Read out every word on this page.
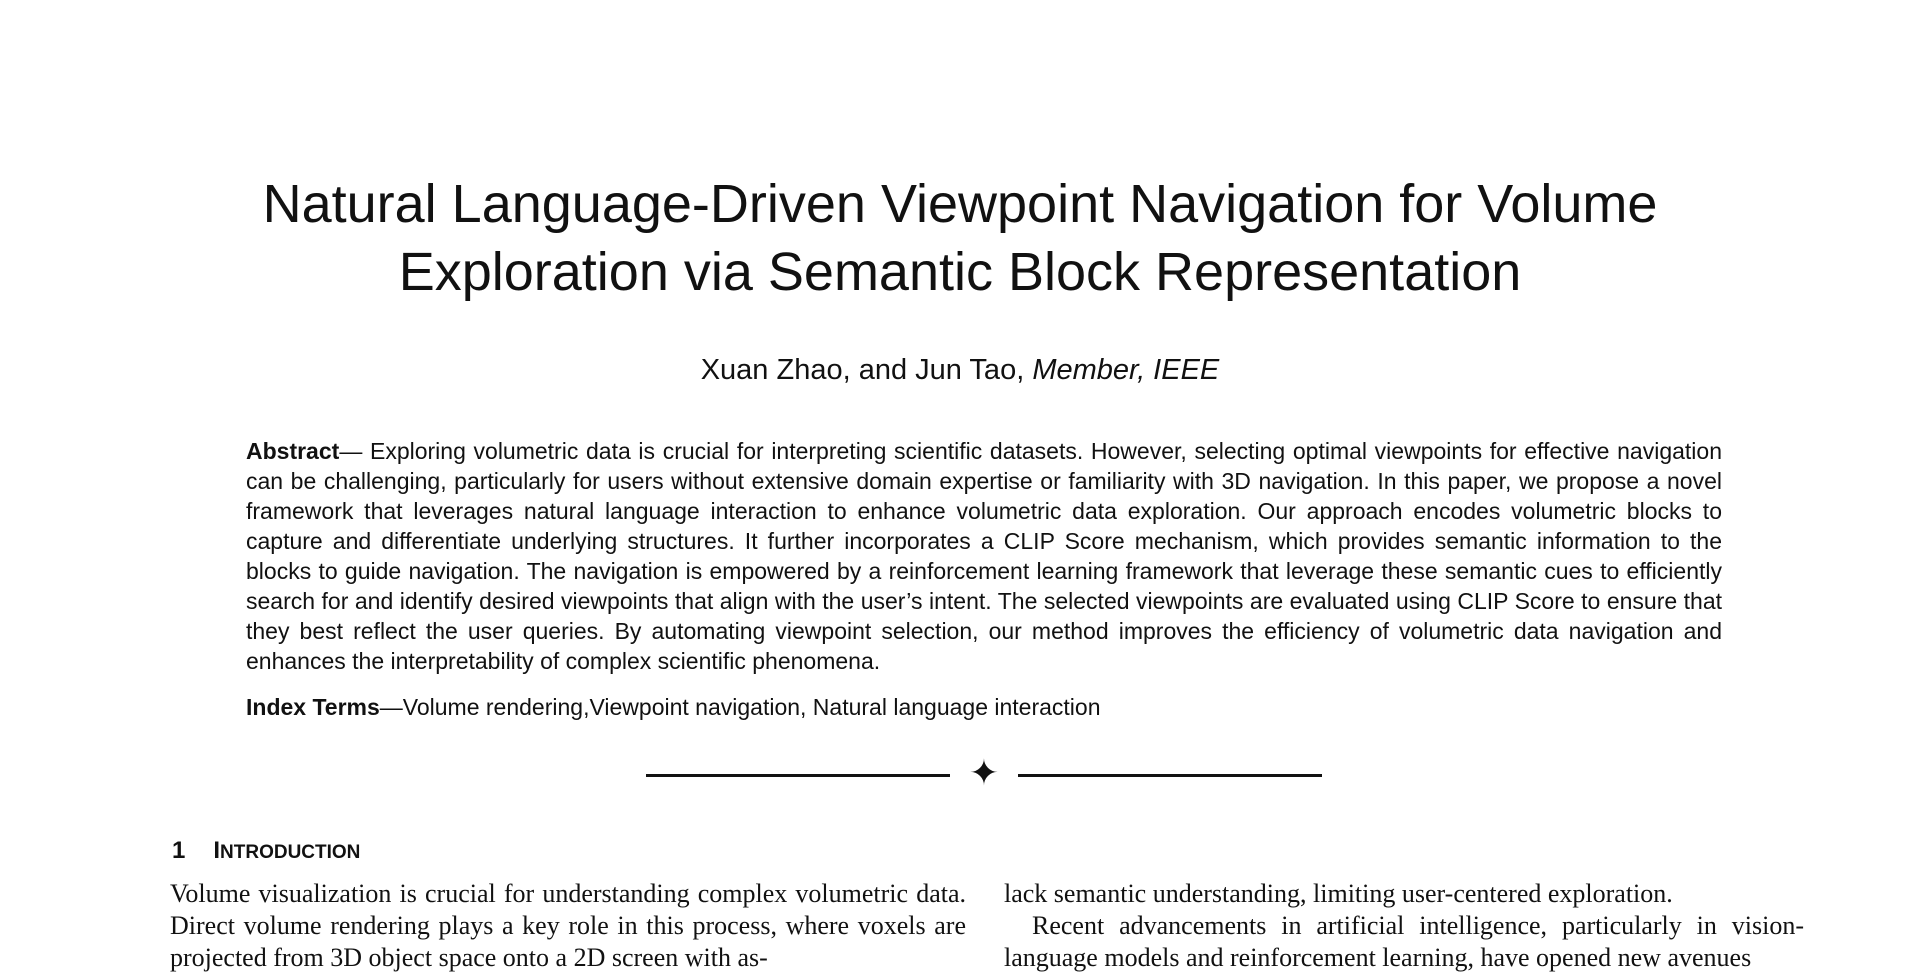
Natural Language-Driven Viewpoint Navigation for Volume
Exploration via Semantic Block Representation
Xuan Zhao, and Jun Tao, Member, IEEE

Abstract— Exploring volumetric data is crucial for interpreting scientific datasets. However, selecting optimal viewpoints for effective navigation can be challenging, particularly for users without extensive domain expertise or familiarity with 3D navigation. In this paper, we propose a novel framework that leverages natural language interaction to enhance volumetric data exploration. Our approach encodes volumetric blocks to capture and differentiate underlying structures. It further incorporates a CLIP Score mechanism, which provides semantic information to the blocks to guide navigation. The navigation is empowered by a reinforcement learning framework that leverage these semantic cues to efficiently search for and identify desired viewpoints that align with the user’s intent. The selected viewpoints are evaluated using CLIP Score to ensure that they best reflect the user queries. By automating viewpoint selection, our method improves the efficiency of volumetric data navigation and enhances the interpretability of complex scientific phenomena.

Index Terms—Volume rendering,Viewpoint navigation, Natural language interaction

✦
1 INTRODUCTION

Volume visualization is crucial for understanding complex volumetric data. Direct volume rendering plays a key role in this process, where voxels are projected from 3D object space onto a 2D screen with as-

lack semantic understanding, limiting user-centered exploration.

Recent advancements in artificial intelligence, particularly in vision-language models and reinforcement learning, have opened new avenues
